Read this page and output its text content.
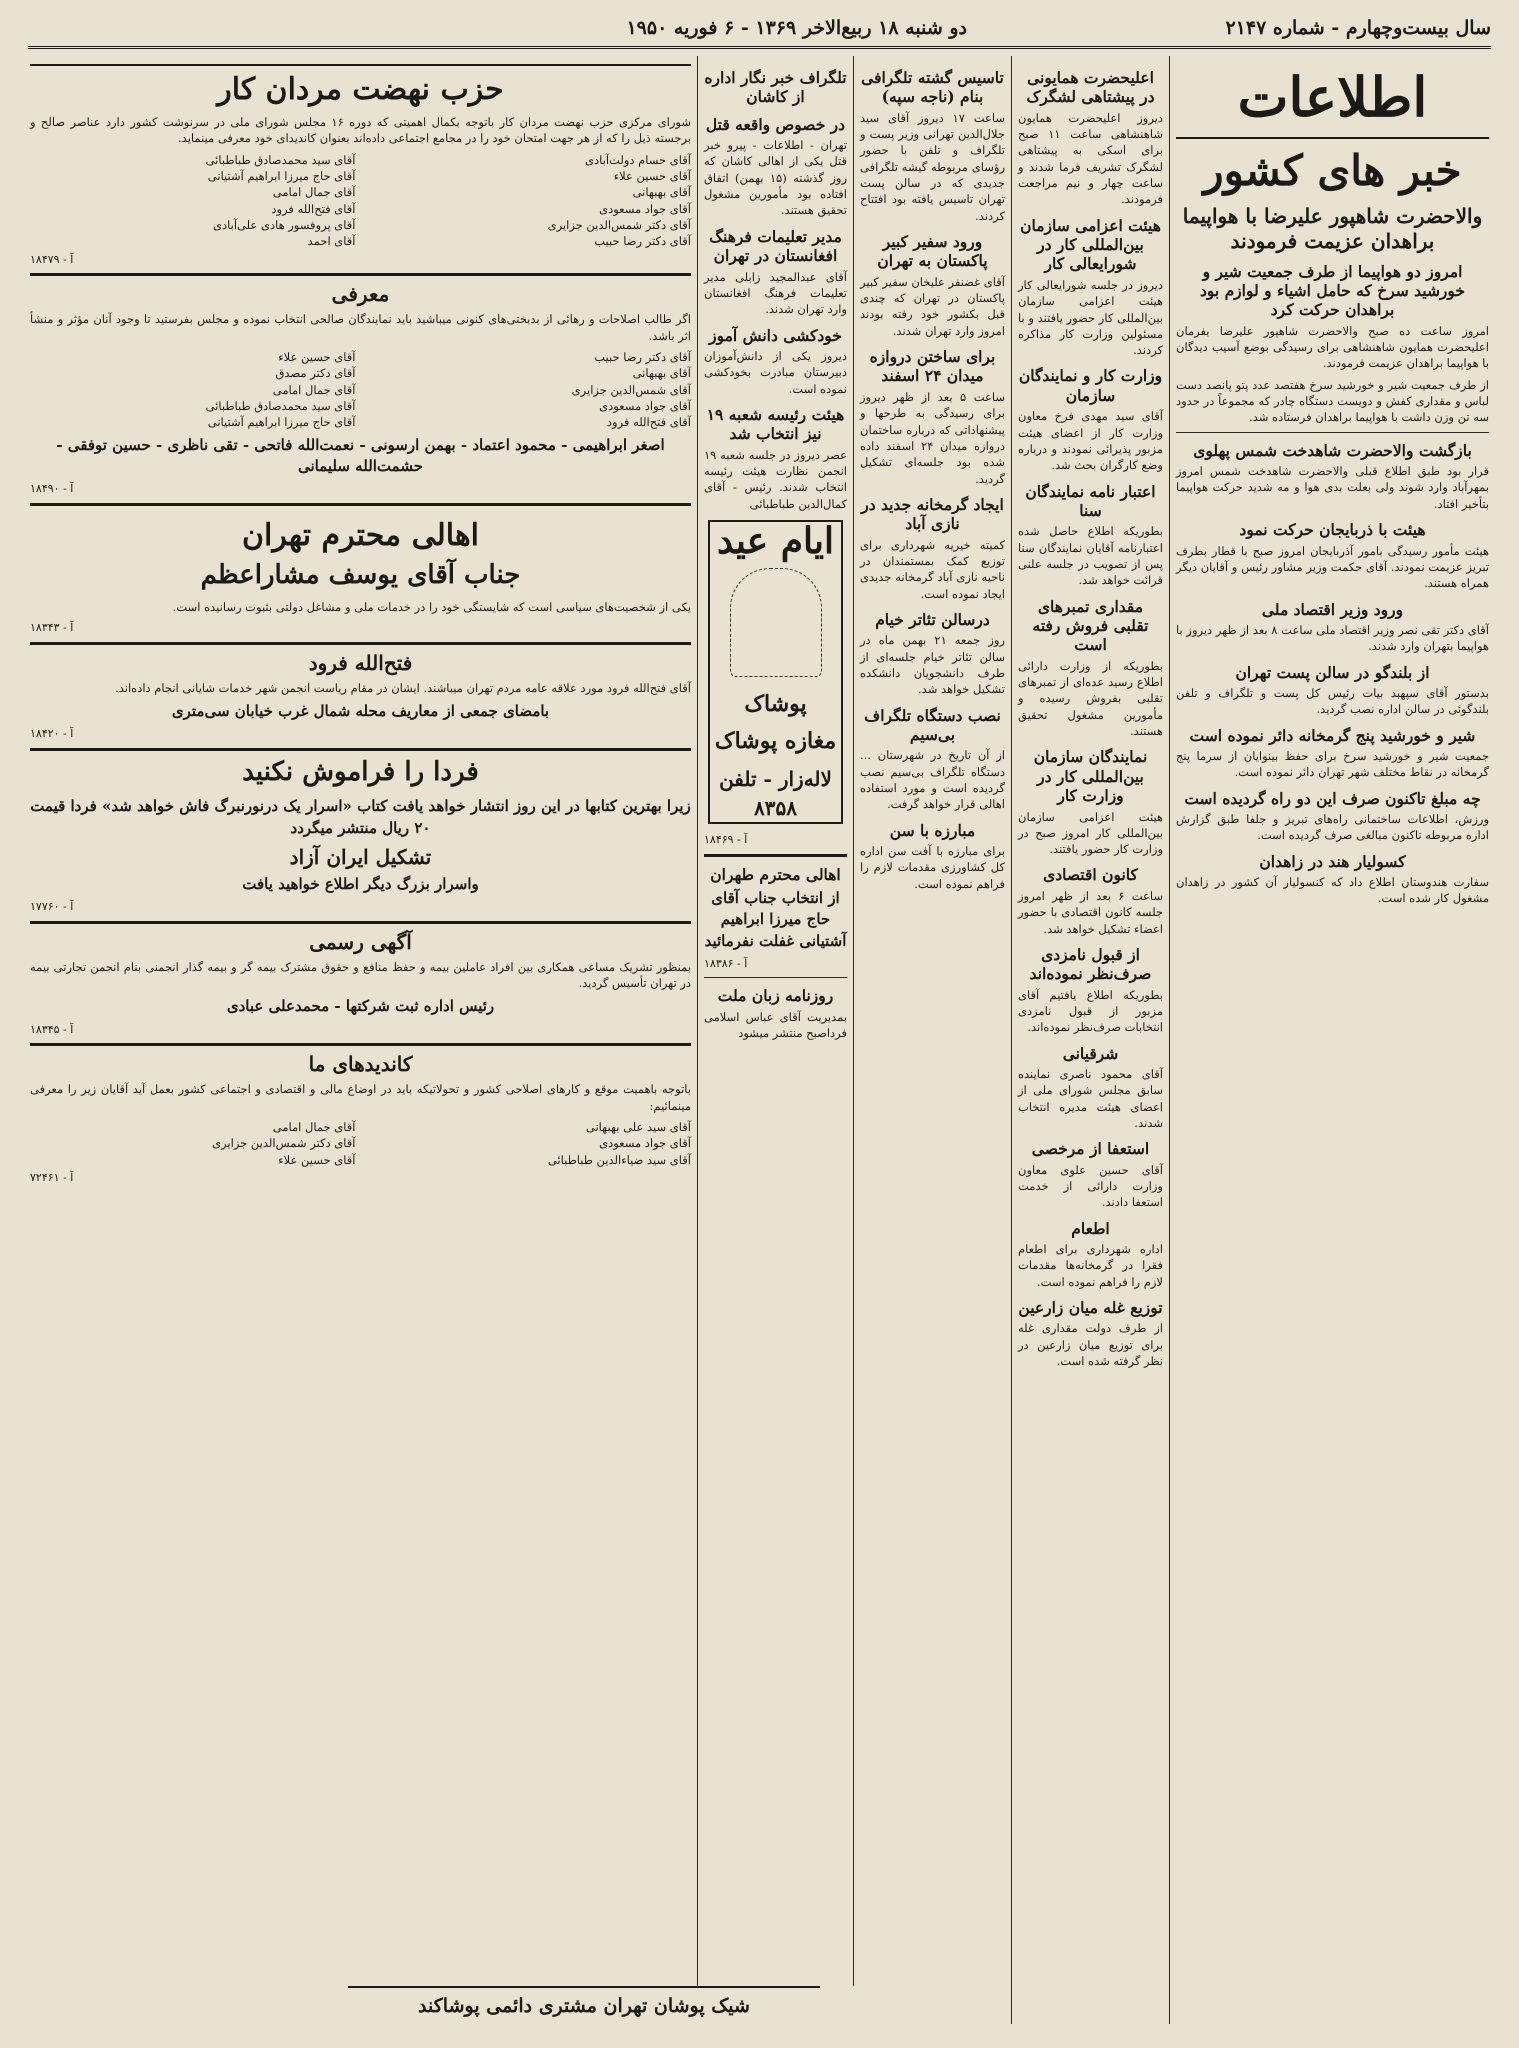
سال بیست‌وچهارم - شماره ۲۱۴۷
دو شنبه ۱۸ ربیع‌الاخر ۱۳۶۹ - ۶ فوریه ۱۹۵۰
اطلاعات
خبر های کشور
والاحضرت شاهپور علیرضا با هواپیما براهدان عزیمت فرمودند
امروز دو هواپیما از طرف جمعیت شیر و خورشید سرخ که حامل اشیاء و لوازم بود براهدان حرکت کرد

امروز ساعت ده صبح والاحضرت شاهپور علیرضا بفرمان اعلیحضرت همایون شاهنشاهی برای رسیدگی بوضع آسیب دیدگان با هواپیما براهدان عزیمت فرمودند.

از طرف جمعیت شیر و خورشید سرخ هفتصد عدد پتو پانصد دست لباس و مقداری کفش و دویست دستگاه چادر که مجموعاً در حدود سه تن وزن داشت با هواپیما براهدان فرستاده شد.

بازگشت والاحضرت شاهدخت شمس پهلوی

قرار بود طبق اطلاع قبلی والاحضرت شاهدخت شمس امروز بمهرآباد وارد شوند ولی بعلت بدی هوا و مه شدید حرکت هواپیما بتأخیر افتاد.

هیئت با ذربایجان حرکت نمود

هیئت مأمور رسیدگی بامور آذربایجان امروز صبح با قطار بطرف تبریز عزیمت نمودند. آقای حکمت وزیر مشاور رئیس و آقایان دیگر همراه هستند.

ورود وزیر اقتصاد ملی

آقای دکتر تقی نصر وزیر اقتصاد ملی ساعت ۸ بعد از ظهر دیروز با هواپیما بتهران وارد شدند.

از بلندگو در سالن پست تهران

بدستور آقای سپهبد بیات رئیس کل پست و تلگراف و تلفن بلندگوئی در سالن اداره نصب گردید.

شیر و خورشید پنج گرمخانه دائر نموده است

جمعیت شیر و خورشید سرخ برای حفظ بینوایان از سرما پنج گرمخانه در نقاط مختلف شهر تهران دائر نموده است.

چه مبلغ تاکنون صرف این دو راه گردیده است

ورزش، اطلاعات ساختمانی راه‌های تبریز و جلفا طبق گزارش اداره مربوطه تاکنون مبالغی صرف گردیده است.

کسولیار هند در زاهدان

سفارت هندوستان اطلاع داد که کنسولیار آن کشور در زاهدان مشغول کار شده است.

اعلیحضرت همایونی در پیشتاهی لشگرک

دیروز اعلیحضرت همایون شاهنشاهی ساعت ۱۱ صبح برای اسکی به پیشتاهی لشگرک تشریف فرما شدند و ساعت چهار و نیم مراجعت فرمودند.

هیئت اعزامی سازمان بین‌المللی کار در شورایعالی کار

دیروز در جلسه شورایعالی کار هیئت اعزامی سازمان بین‌المللی کار حضور یافتند و با مسئولین وزارت کار مذاکره کردند.

وزارت کار و نمایندگان سازمان

آقای سید مهدی فرخ معاون وزارت کار از اعضای هیئت مزبور پذیرائی نمودند و درباره وضع کارگران بحث شد.

اعتبار نامه نمایندگان سنا

بطوریکه اطلاع حاصل شده اعتبارنامه آقایان نمایندگان سنا پس از تصویب در جلسه علنی قرائت خواهد شد.

مقداری تمبرهای تقلبی فروش رفته است

بطوریکه از وزارت دارائی اطلاع رسید عده‌ای از تمبرهای تقلبی بفروش رسیده و مأمورین مشغول تحقیق هستند.

نمایندگان سازمان بین‌المللی کار در وزارت کار

هیئت اعزامی سازمان بین‌المللی کار امروز صبح در وزارت کار حضور یافتند.

کانون اقتصادی

ساعت ۶ بعد از ظهر امروز جلسه کانون اقتصادی با حضور اعضاء تشکیل خواهد شد.

از قبول نامزدی صرف‌نظر نموده‌اند

بطوریکه اطلاع یافتیم آقای مزبور از قبول نامزدی انتخابات صرف‌نظر نموده‌اند.

شرقیانی

آقای محمود ناصری نماینده سابق مجلس شورای ملی از اعضای هیئت مدیره انتخاب شدند.

استعفا از مرخصی

آقای حسین علوی معاون وزارت دارائی از خدمت استعفا دادند.

اطعام

اداره شهرداری برای اطعام فقرا در گرمخانه‌ها مقدمات لازم را فراهم نموده است.

توزیع غله میان زارعین

از طرف دولت مقداری غله برای توزیع میان زارعین در نظر گرفته شده است.

تاسیس گشته تلگرافی بنام (ناجه سپه)

ساعت ۱۷ دیروز آقای سید جلال‌الدین تهرانی وزیر پست و تلگراف و تلفن با حضور رؤسای مربوطه گیشه تلگرافی جدیدی که در سالن پست تهران تاسیس یافته بود افتتاح کردند.

ورود سفیر کبیر پاکستان به تهران

آقای غضنفر علیخان سفیر کبیر پاکستان در تهران که چندی قبل بکشور خود رفته بودند امروز وارد تهران شدند.

برای ساختن دروازه میدان ۲۴ اسفند

ساعت ۵ بعد از ظهر دیروز برای رسیدگی به طرحها و پیشنهاداتی که درباره ساختمان دروازه میدان ۲۴ اسفند داده شده بود جلسه‌ای تشکیل گردید.

ایجاد گرمخانه جدید در نازی آباد

کمیته خیریه شهرداری برای توزیع کمک بمستمندان در ناحیه نازی آباد گرمخانه جدیدی ایجاد نموده است.

درسالن تئاتر خیام

روز جمعه ۲۱ بهمن ماه در سالن تئاتر خیام جلسه‌ای از طرف دانشجویان دانشکده تشکیل خواهد شد.

نصب دستگاه تلگراف بی‌سیم

از آن تاریخ در شهرستان ... دستگاه تلگراف بی‌سیم نصب گردیده است و مورد استفاده اهالی قرار خواهد گرفت.

مبارزه با سن

برای مبارزه با آفت سن اداره کل کشاورزی مقدمات لازم را فراهم نموده است.

تلگراف خبر نگار اداره از کاشان
در خصوص واقعه قتل

تهران - اطلاعات - پیرو خبر قتل یکی از اهالی کاشان که روز گذشته (۱۵ بهمن) اتفاق افتاده بود مأمورین مشغول تحقیق هستند.

مدیر تعلیمات فرهنگ افغانستان در تهران

آقای عبدالمجید زابلی مدیر تعلیمات فرهنگ افغانستان وارد تهران شدند.

خودکشی دانش آموز

دیروز یکی از دانش‌آموزان دبیرستان مبادرت بخودکشی نموده است.

هیئت رئیسه شعبه ۱۹ نیز انتخاب شد

عصر دیروز در جلسه شعبه ۱۹ انجمن نظارت هیئت رئیسه انتخاب شدند. رئیس - آقای کمال‌الدین طباطبائی

ایام عید
پوشاک
مغازه پوشاک
لاله‌زار - تلفن ۸۳۵۸
۱۸۴۶۹ - آ
اهالی محترم طهران

از انتخاب جناب آقای حاج میرزا ابراهیم آشتیانی غفلت نفرمائید

۱۸۳۸۶ - آ
روزنامه زبان ملت

بمدیریت آقای عباس اسلامی فرداصبح منتشر میشود

شیک پوشان تهران مشتری دائمی پوشاکند
حزب نهضت مردان کار

شورای مرکزی حزب نهضت مردان کار باتوجه بکمال اهمیتی که دوره ۱۶ مجلس شورای ملی در سرنوشت کشور دارد عناصر صالح و برجسته ذیل را که از هر جهت امتحان خود را در مجامع اجتماعی داده‌اند بعنوان کاندیدای خود معرفی مینماید.

آقای حسام دولت‌آبادی
آقای سید محمدصادق طباطبائی
آقای حسین علاء
آقای حاج میرزا ابراهیم آشتیانی
آقای بهبهانی
آقای جمال امامی
آقای جواد مسعودی
آقای فتح‌الله فرود
آقای دکتر شمس‌الدین جزایری
آقای پروفسور هادی علی‌آبادی
آقای دکتر رضا حبیب
آقای احمد
۱۸۴۷۹ - آ
معرفی

اگر طالب اصلاحات و رهائی از بدبختی‌های کنونی میباشید باید نمایندگان صالحی انتخاب نموده و مجلس بفرستید تا وجود آنان مؤثر و منشأ اثر باشد.

آقای دکتر رضا حبیب
آقای حسین علاء
آقای بهبهانی
آقای دکتر مصدق
آقای شمس‌الدین جزایری
آقای جمال امامی
آقای جواد مسعودی
آقای سید محمدصادق طباطبائی
آقای فتح‌الله فرود
آقای حاج میرزا ابراهیم آشتیانی

اصغر ابراهیمی - محمود اعتماد - بهمن ارسونی - نعمت‌الله فاتحی - تقی ناظری - حسین توفقی - حشمت‌الله سلیمانی

۱۸۴۹۰ - آ
اهالی محترم تهران
جناب آقای یوسف مشاراعظم

یکی از شخصیت‌های سیاسی است که شایستگی خود را در خدمات ملی و مشاغل دولتی بثبوت رسانیده است.

۱۸۳۴۳ - آ
فتح‌الله فرود

آقای فتح‌الله فرود مورد علاقه عامه مردم تهران میباشند. ایشان در مقام ریاست انجمن شهر خدمات شایانی انجام داده‌اند.

بامضای جمعی از معاریف محله شمال غرب خیابان سی‌متری

۱۸۴۲۰ - آ
فردا را فراموش نکنید

زیرا بهترین کتابها در این روز انتشار خواهد یافت کتاب «اسرار یک درنورنبرگ فاش خواهد شد» فردا قیمت ۲۰ ریال منتشر میگردد

تشکیل ایران آزاد

واسرار بزرگ دیگر اطلاع خواهید یافت

۱۷۷۶۰ - آ
آگهی رسمی

بمنظور تشریک مساعی همکاری بین افراد عاملین بیمه و حفظ منافع و حقوق مشترک بیمه گر و بیمه گذار انجمنی بنام انجمن تجارتی بیمه در تهران تأسیس گردید.

رئیس اداره ثبت شرکتها - محمدعلی عبادی

۱۸۳۴۵ - آ
کاندیدهای ما

باتوجه باهمیت موقع و کارهای اصلاحی کشور و تحولاتیکه باید در اوضاع مالی و اقتصادی و اجتماعی کشور بعمل آید آقایان زیر را معرفی مینمائیم:

آقای سید علی بهبهانی
آقای جمال امامی
آقای جواد مسعودی
آقای دکتر شمس‌الدین جزایری
آقای سید ضیاءالدین طباطبائی
آقای حسین علاء
۷۲۴۶۱ - آ
